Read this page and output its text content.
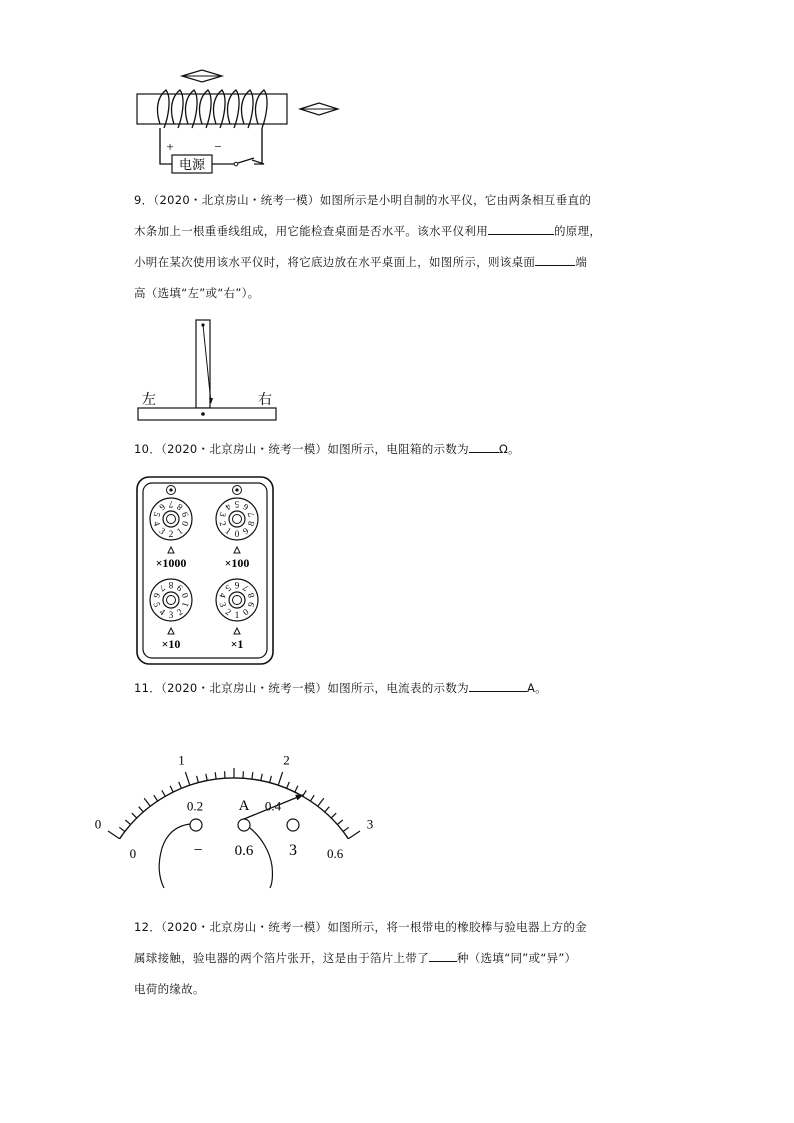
电源
+	−

9．（2020・北京房山・统考一模）如图所示是小明自制的水平仪，它由两条相互垂直的

木条加上一根重垂线组成，用它能检查桌面是否水平。该水平仪利用	的原理，

小明在某次使用该水平仪时，将它底边放在水平桌面上，如图所示，则该桌面	端

高（选填“左”或“右”）。

左	右

10．（2020・北京房山・统考一模）如图所示，电阻箱的示数为	Ω。

0
1
2
3
4
5
6 7 8
9
×1000
0
1
2
3
4 5 6
7
8
9
×100
0
1
2
3
4
5
6
7 8 9
×10
0
1
2
3
4
5 6 7
8
9
×1

11．（2020・北京房山・统考一模）如图所示，电流表的示数为	A。

0
1	2
3
0
0.2	0.4
0.6
A
− 0.6 3

12．（2020・北京房山・统考一模）如图所示，将一根带电的橡胶棒与验电器上方的金

属球接触，验电器的两个箔片张开，这是由于箔片上带了 种（选填“同”或“异”）

电荷的缘故。
